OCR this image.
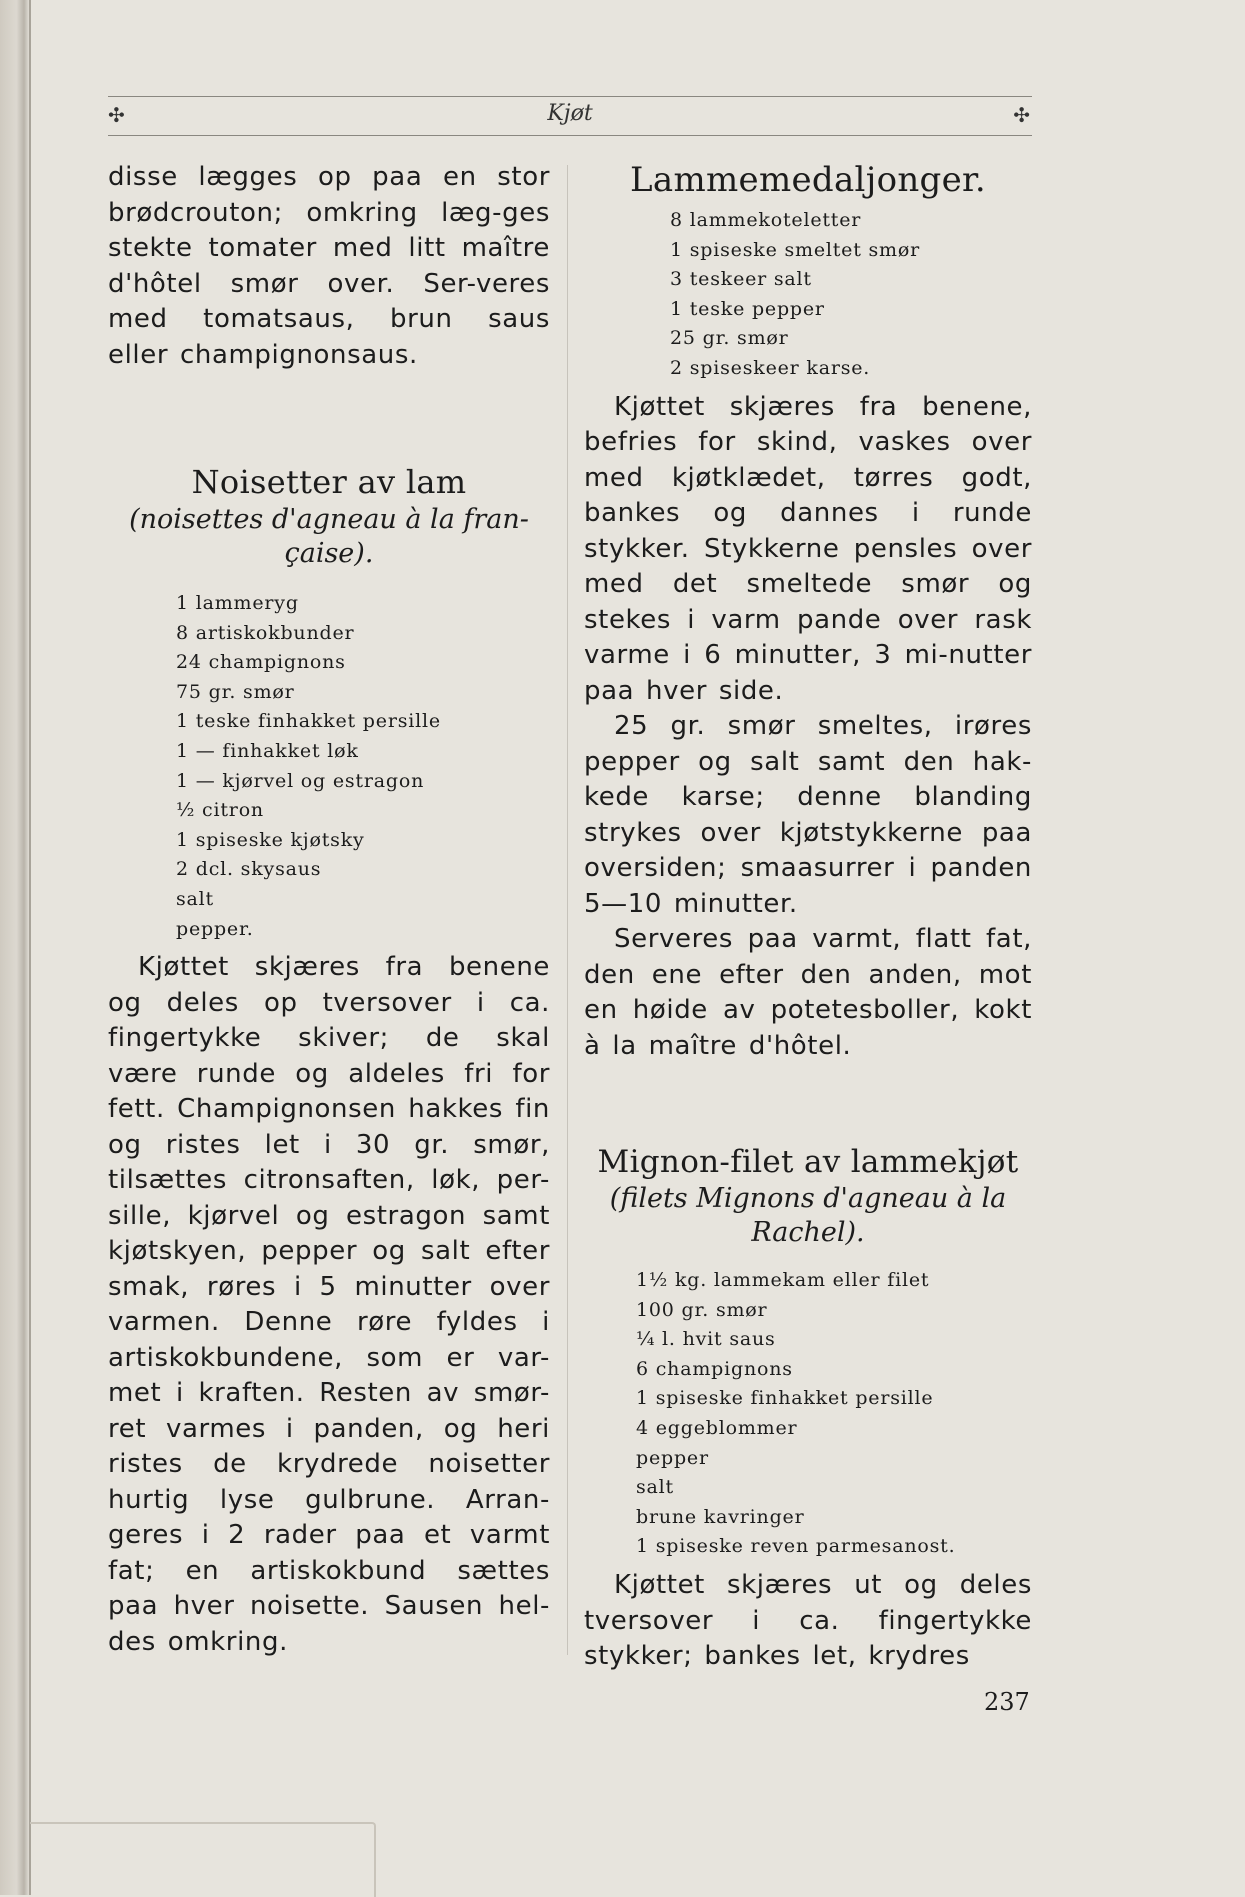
✣	Kjøt	✣

disse læggеs op paa en stor brødcrouton; omkring læg-ges stekte tomater med litt maître d'hôtel smør over. Ser-veres med tomatsaus, brun saus eller champignonsaus.

Noisetter av lam

(noisettes d'agneau à la fran-çaise).

1 lammeryg
8 artiskokbunder
24 champignons
75 gr. smør
1 teske finhakket persille
1 — finhakket løk
1 — kjørvel og estragon
½ citron
1 spiseske kjøtsky
2 dcl. skysaus
salt
pepper.

Kjøttet skjæres fra benene og deles op tversover i ca. fingertykke skiver; de skal være runde og aldeles fri for fett. Champignonsen hakkes fin og ristes let i 30 gr. smør, tilsættes citronsaften, løk, per-sille, kjørvel og estragon samt kjøtskyen, pepper og salt efter smak, røres i 5 minutter over varmen. Denne røre fyldes i artiskokbundene, som er var-met i kraften. Resten av smør-ret varmes i panden, og heri ristes de krydrede noisetter hurtig lyse gulbrune. Arran-geres i 2 rader paa et varmt fat; en artiskokbund sættes paa hver noisette. Sausen hel-des omkring.

Lammemedaljonger.
8 lammekoteletter
1 spiseske smeltet smør
3 teskeer salt
1 teske pepper
25 gr. smør
2 spiseskeer karse.

Kjøttet skjæres fra benene, befries for skind, vaskes over med kjøtklædet, tørres godt, bankes og dannes i runde stykker. Stykkerne pensles over med det smeltede smør og stekes i varm pande over rask varme i 6 minutter, 3 mi-nutter paa hver side.

25 gr. smør smeltes, irøres pepper og salt samt den hak-kede karse; denne blanding strykes over kjøtstykkerne paa oversiden; smaasurrer i panden 5—10 minutter.

Serveres paa varmt, flatt fat, den ene efter den anden, mot en høide av potetesboller, kokt à la maître d'hôtel.

Mignon-filet av lammekjøt

(filets Mignons d'agneau à la Rachel).

1½ kg. lammekam eller filet
100 gr. smør
¼ l. hvit saus
6 champignons
1 spiseske finhakket persille
4 eggeblommer
pepper
salt
brune kavringer
1 spiseske reven parmesanost.

Kjøttet skjæres ut og deles tversover i ca. fingertykke stykker; bankes let, krydres

237
